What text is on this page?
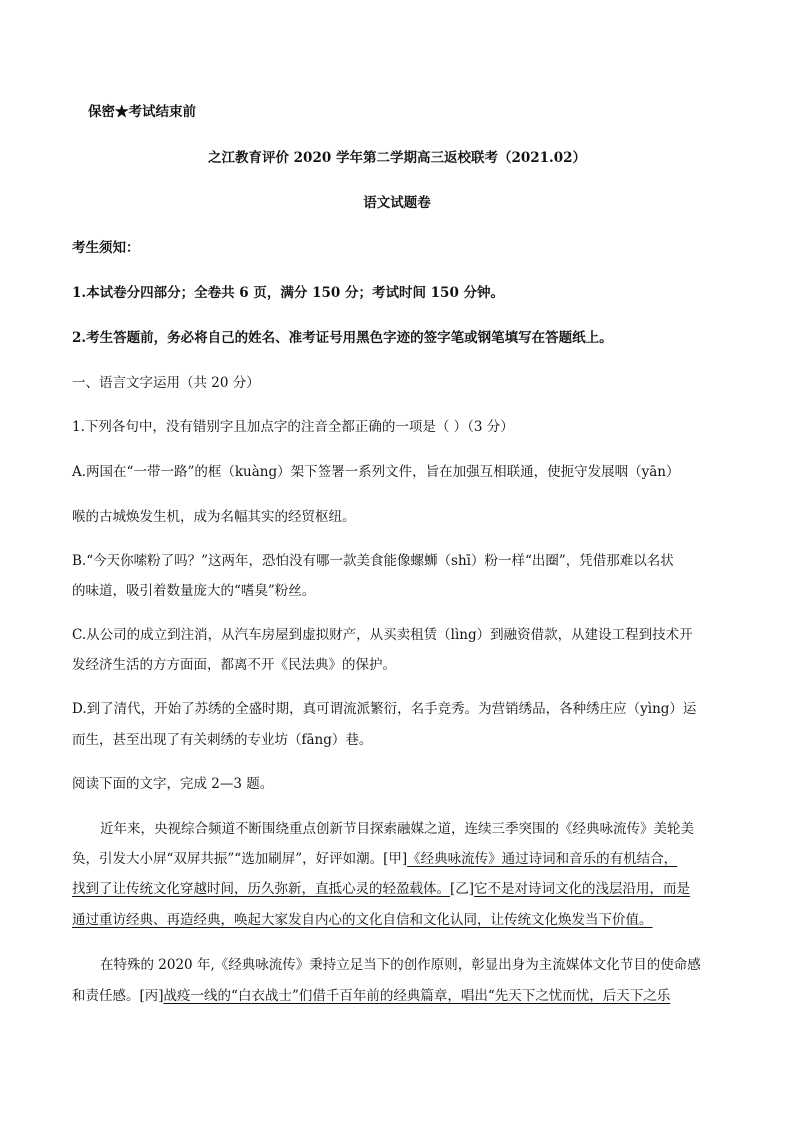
保密★考试结束前
之江教育评价 2020 学年第二学期高三返校联考（2021.02）
语文试题卷
考生须知：
1.本试卷分四部分；全卷共 6 页，满分 150 分；考试时间 150 分钟。
2.考生答题前，务必将自己的姓名、准考证号用黑色字迹的签字笔或钢笔填写在答题纸上。
一、语言文字运用（共 20 分）
1.下列各句中，没有错别字且加点字的注音全都正确的一项是（ ）（3 分）
A.两国在“一带一路”的框（kuàng）架下签署一系列文件，旨在加强互相联通，使扼守发展咽（yān）
喉的古城焕发生机，成为名幅其实的经贸枢纽。
B.“今天你嗦粉了吗？”这两年，恐怕没有哪一款美食能像螺蛳（shī）粉一样“出圈”，凭借那难以名状
的味道，吸引着数量庞大的“嗜臭”粉丝。
C.从公司的成立到注消，从汽车房屋到虚拟财产，从买卖租赁（lìng）到融资借款，从建设工程到技术开
发经济生活的方方面面，都离不开《民法典》的保护。
D.到了清代，开始了苏绣的全盛时期，真可谓流派繁衍，名手竞秀。为营销绣品，各种绣庄应（yìng）运
而生，甚至出现了有关刺绣的专业坊（fāng）巷。
阅读下面的文字，完成 2—3 题。
近年来，央视综合频道不断围绕重点创新节目探索融媒之道，连续三季突围的《经典咏流传》美轮美
奂，引发大小屏“双屏共振”“选加刷屏”，好评如潮。[甲]《经典咏流传》通过诗词和音乐的有机结合，
找到了让传统文化穿越时间，历久弥新，直抵心灵的轻盈载体。[乙]它不是对诗词文化的浅层沿用，而是
通过重访经典、再造经典，唤起大家发自内心的文化自信和文化认同，让传统文化焕发当下价值。
在特殊的 2020 年,《经典咏流传》秉持立足当下的创作原则，彰显出身为主流媒体文化节目的使命感
和责任感。[丙]战疫一线的“白衣战士”们借千百年前的经典篇章，唱出“先天下之忧而忧，后天下之乐
